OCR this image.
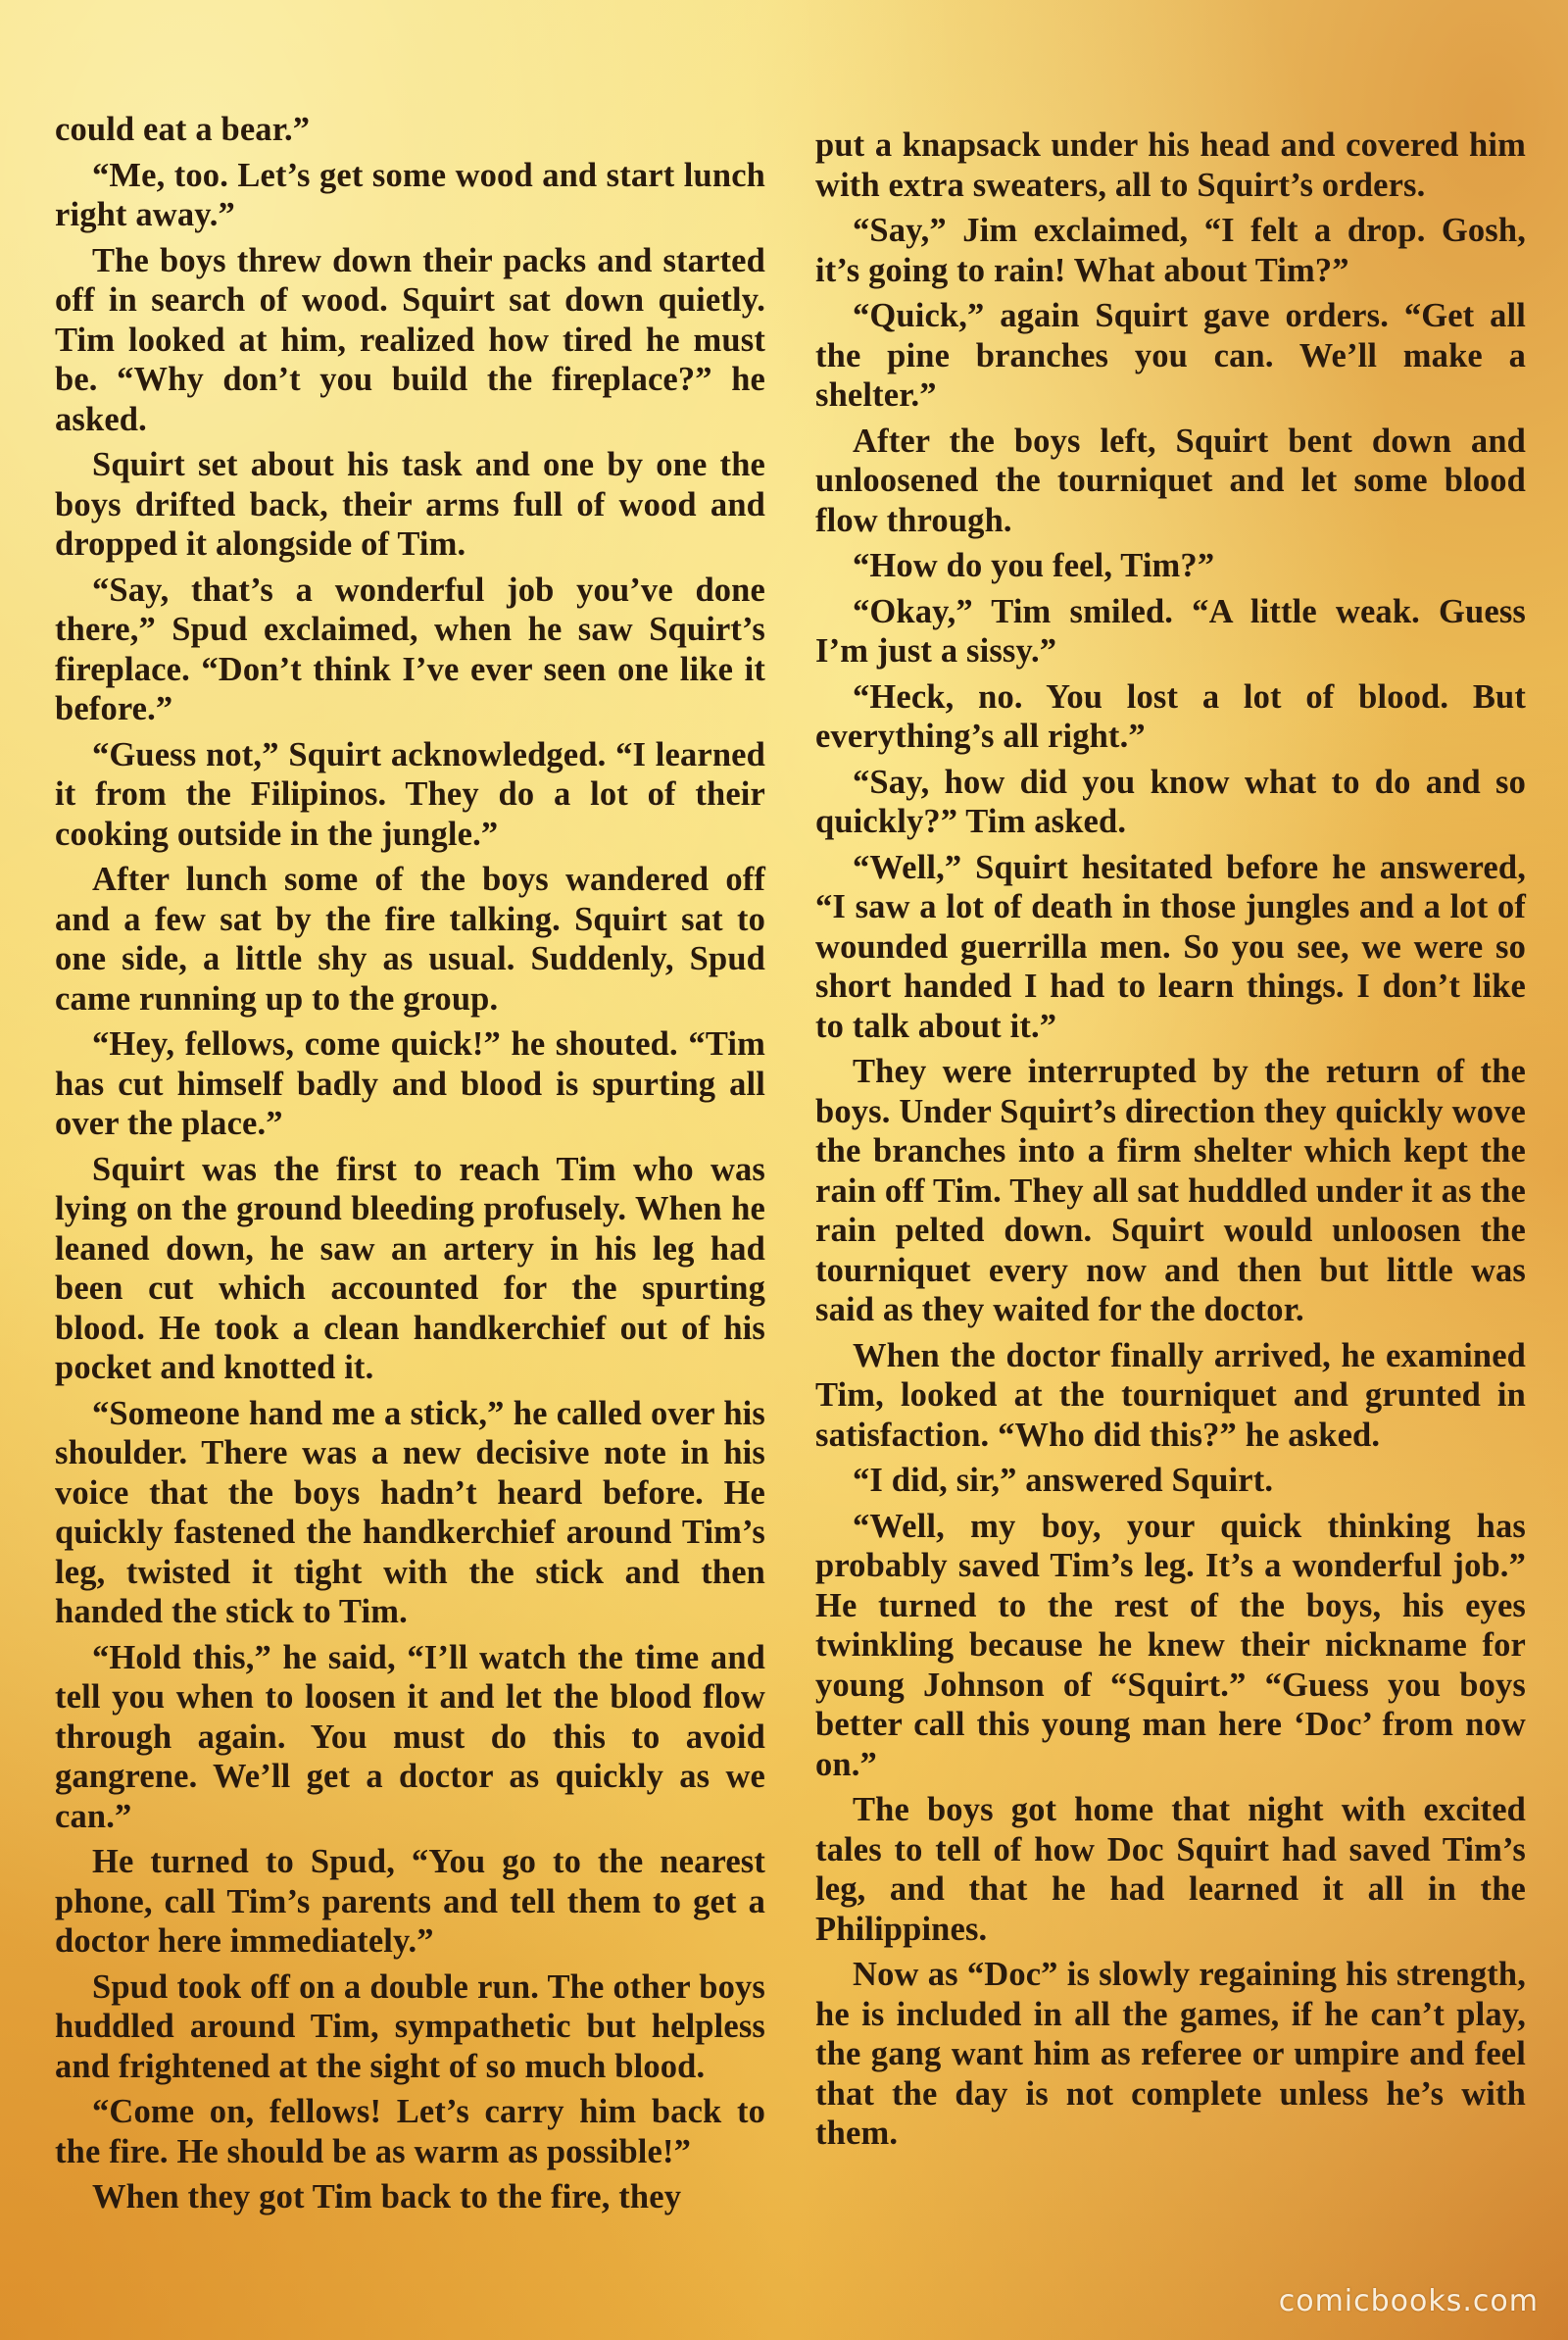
could eat a bear.”

“Me, too. Let’s get some wood and start lunch right away.”

The boys threw down their packs and started off in search of wood. Squirt sat down quietly. Tim looked at him, realized how tired he must be. “Why don’t you build the fireplace?” he asked.

Squirt set about his task and one by one the boys drifted back, their arms full of wood and dropped it alongside of Tim.

“Say, that’s a wonderful job you’ve done there,” Spud exclaimed, when he saw Squirt’s fireplace. “Don’t think I’ve ever seen one like it before.”

“Guess not,” Squirt acknowledged. “I learned it from the Filipinos. They do a lot of their cooking outside in the jungle.”

After lunch some of the boys wandered off and a few sat by the fire talking. Squirt sat to one side, a little shy as usual. Suddenly, Spud came running up to the group.

“Hey, fellows, come quick!” he shouted. “Tim has cut himself badly and blood is spurting all over the place.”

Squirt was the first to reach Tim who was lying on the ground bleeding profusely. When he leaned down, he saw an artery in his leg had been cut which accounted for the spurting blood. He took a clean handkerchief out of his pocket and knotted it.

“Someone hand me a stick,” he called over his shoulder. There was a new decisive note in his voice that the boys hadn’t heard before. He quickly fastened the handkerchief around Tim’s leg, twisted it tight with the stick and then handed the stick to Tim.

“Hold this,” he said, “I’ll watch the time and tell you when to loosen it and let the blood flow through again. You must do this to avoid gangrene. We’ll get a doctor as quickly as we can.”

He turned to Spud, “You go to the nearest phone, call Tim’s parents and tell them to get a doctor here immediately.”

Spud took off on a double run. The other boys huddled around Tim, sympathetic but helpless and frightened at the sight of so much blood.

“Come on, fellows! Let’s carry him back to the fire. He should be as warm as possible!”

When they got Tim back to the fire, they

put a knapsack under his head and covered him with extra sweaters, all to Squirt’s orders.

“Say,” Jim exclaimed, “I felt a drop. Gosh, it’s going to rain! What about Tim?”

“Quick,” again Squirt gave orders. “Get all the pine branches you can. We’ll make a shelter.”

After the boys left, Squirt bent down and unloosened the tourniquet and let some blood flow through.

“How do you feel, Tim?”

“Okay,” Tim smiled. “A little weak. Guess I’m just a sissy.”

“Heck, no. You lost a lot of blood. But everything’s all right.”

“Say, how did you know what to do and so quickly?” Tim asked.

“Well,” Squirt hesitated before he answered, “I saw a lot of death in those jungles and a lot of wounded guerrilla men. So you see, we were so short handed I had to learn things. I don’t like to talk about it.”

They were interrupted by the return of the boys. Under Squirt’s direction they quickly wove the branches into a firm shelter which kept the rain off Tim. They all sat huddled under it as the rain pelted down. Squirt would unloosen the tourniquet every now and then but little was said as they waited for the doctor.

When the doctor finally arrived, he examined Tim, looked at the tourniquet and grunted in satisfaction. “Who did this?” he asked.

“I did, sir,” answered Squirt.

“Well, my boy, your quick thinking has probably saved Tim’s leg. It’s a wonderful job.” He turned to the rest of the boys, his eyes twinkling because he knew their nickname for young Johnson of “Squirt.” “Guess you boys better call this young man here ‘Doc’ from now on.”

The boys got home that night with excited tales to tell of how Doc Squirt had saved Tim’s leg, and that he had learned it all in the Philippines.

Now as “Doc” is slowly regaining his strength, he is included in all the games, if he can’t play, the gang want him as referee or umpire and feel that the day is not complete unless he’s with them.

comicbooks.com
